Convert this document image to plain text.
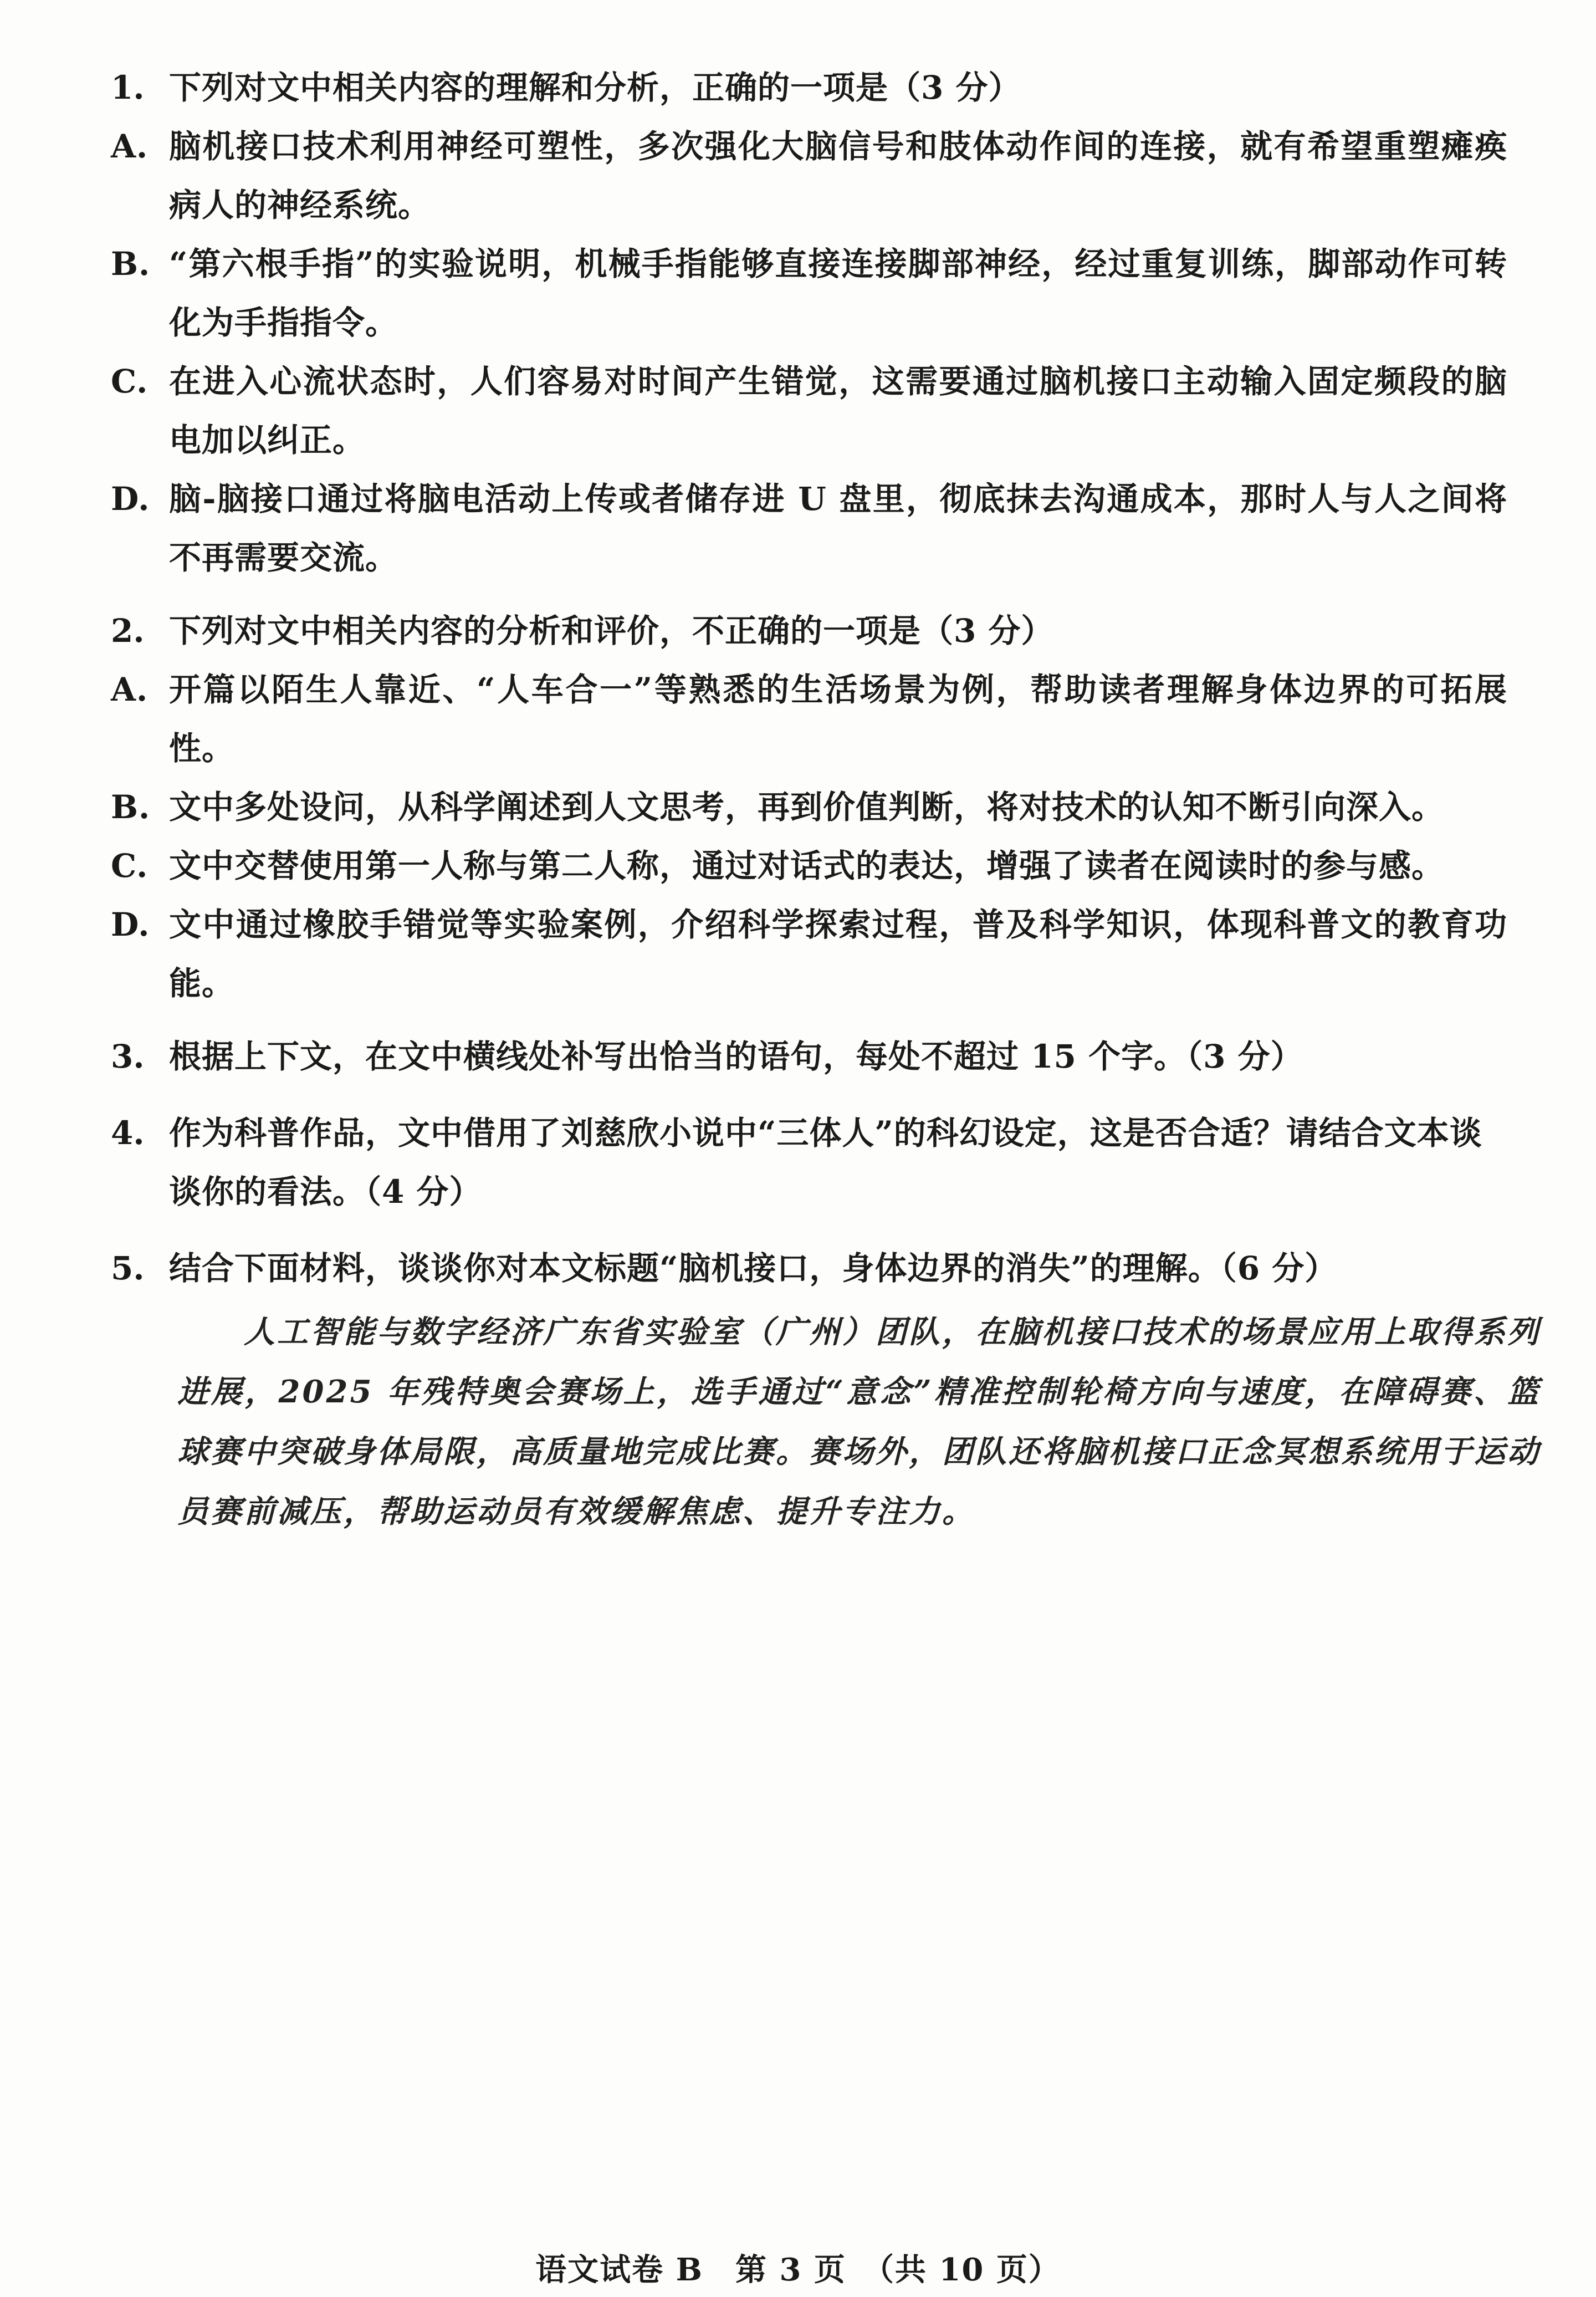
1. 下列对文中相关内容的理解和分析，正确的一项是（3 分）
A. 脑机接口技术利用神经可塑性，多次强化大脑信号和肢体动作间的连接，就有希望重塑瘫痪病人的神经系统。
B. “第六根手指”的实验说明，机械手指能够直接连接脚部神经，经过重复训练，脚部动作可转化为手指指令。
C. 在进入心流状态时，人们容易对时间产生错觉，这需要通过脑机接口主动输入固定频段的脑电加以纠正。
D. 脑-脑接口通过将脑电活动上传或者储存进 U 盘里，彻底抹去沟通成本，那时人与人之间将不再需要交流。
2. 下列对文中相关内容的分析和评价，不正确的一项是（3 分）
A. 开篇以陌生人靠近、“人车合一”等熟悉的生活场景为例，帮助读者理解身体边界的可拓展性。
B. 文中多处设问，从科学阐述到人文思考，再到价值判断，将对技术的认知不断引向深入。
C. 文中交替使用第一人称与第二人称，通过对话式的表达，增强了读者在阅读时的参与感。
D. 文中通过橡胶手错觉等实验案例，介绍科学探索过程，普及科学知识，体现科普文的教育功能。
3. 根据上下文，在文中横线处补写出恰当的语句，每处不超过 15 个字。（3 分）
4. 作为科普作品，文中借用了刘慈欣小说中“三体人”的科幻设定，这是否合适？请结合文本谈谈你的看法。（4 分）
5. 结合下面材料，谈谈你对本文标题“脑机接口，身体边界的消失”的理解。（6 分）
人工智能与数字经济广东省实验室（广州）团队，在脑机接口技术的场景应用上取得系列进展，2025 年残特奥会赛场上，选手通过“意念”精准控制轮椅方向与速度，在障碍赛、篮球赛中突破身体局限，高质量地完成比赛。赛场外，团队还将脑机接口正念冥想系统用于运动员赛前减压，帮助运动员有效缓解焦虑、提升专注力。
语文试卷 B　第 3 页　（共 10 页）
